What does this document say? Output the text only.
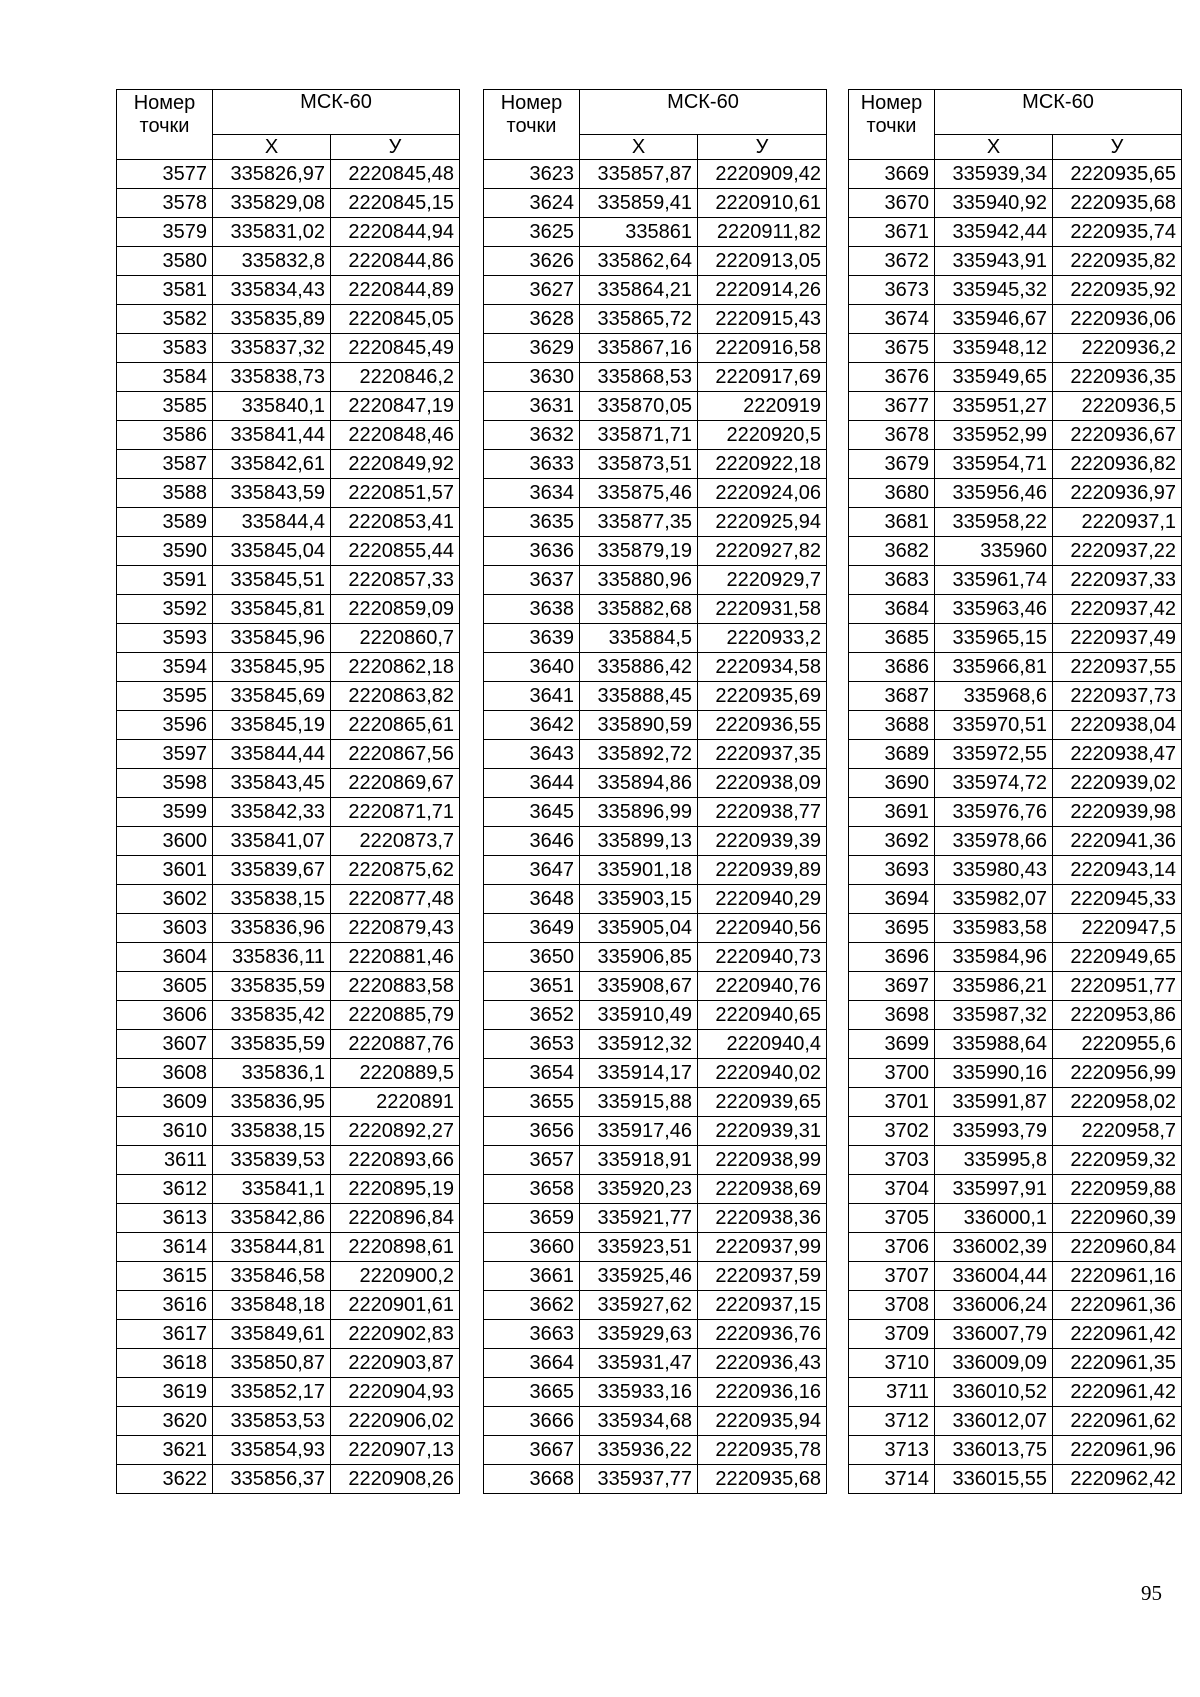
Номер
точки	МСК-60	
	Х	У
3577	335826,97	2220845,48
3578	335829,08	2220845,15
3579	335831,02	2220844,94
3580	335832,8	2220844,86
3581	335834,43	2220844,89
3582	335835,89	2220845,05
3583	335837,32	2220845,49
3584	335838,73	2220846,2
3585	335840,1	2220847,19
3586	335841,44	2220848,46
3587	335842,61	2220849,92
3588	335843,59	2220851,57
3589	335844,4	2220853,41
3590	335845,04	2220855,44
3591	335845,51	2220857,33
3592	335845,81	2220859,09
3593	335845,96	2220860,7
3594	335845,95	2220862,18
3595	335845,69	2220863,82
3596	335845,19	2220865,61
3597	335844,44	2220867,56
3598	335843,45	2220869,67
3599	335842,33	2220871,71
3600	335841,07	2220873,7
3601	335839,67	2220875,62
3602	335838,15	2220877,48
3603	335836,96	2220879,43
3604	335836,11	2220881,46
3605	335835,59	2220883,58
3606	335835,42	2220885,79
3607	335835,59	2220887,76
3608	335836,1	2220889,5
3609	335836,95	2220891
3610	335838,15	2220892,27
3611	335839,53	2220893,66
3612	335841,1	2220895,19
3613	335842,86	2220896,84
3614	335844,81	2220898,61
3615	335846,58	2220900,2
3616	335848,18	2220901,61
3617	335849,61	2220902,83
3618	335850,87	2220903,87
3619	335852,17	2220904,93
3620	335853,53	2220906,02
3621	335854,93	2220907,13
3622	335856,37	2220908,26
Номер
точки	МСК-60	
	Х	У
3623	335857,87	2220909,42
3624	335859,41	2220910,61
3625	335861	2220911,82
3626	335862,64	2220913,05
3627	335864,21	2220914,26
3628	335865,72	2220915,43
3629	335867,16	2220916,58
3630	335868,53	2220917,69
3631	335870,05	2220919
3632	335871,71	2220920,5
3633	335873,51	2220922,18
3634	335875,46	2220924,06
3635	335877,35	2220925,94
3636	335879,19	2220927,82
3637	335880,96	2220929,7
3638	335882,68	2220931,58
3639	335884,5	2220933,2
3640	335886,42	2220934,58
3641	335888,45	2220935,69
3642	335890,59	2220936,55
3643	335892,72	2220937,35
3644	335894,86	2220938,09
3645	335896,99	2220938,77
3646	335899,13	2220939,39
3647	335901,18	2220939,89
3648	335903,15	2220940,29
3649	335905,04	2220940,56
3650	335906,85	2220940,73
3651	335908,67	2220940,76
3652	335910,49	2220940,65
3653	335912,32	2220940,4
3654	335914,17	2220940,02
3655	335915,88	2220939,65
3656	335917,46	2220939,31
3657	335918,91	2220938,99
3658	335920,23	2220938,69
3659	335921,77	2220938,36
3660	335923,51	2220937,99
3661	335925,46	2220937,59
3662	335927,62	2220937,15
3663	335929,63	2220936,76
3664	335931,47	2220936,43
3665	335933,16	2220936,16
3666	335934,68	2220935,94
3667	335936,22	2220935,78
3668	335937,77	2220935,68
Номер
точки	МСК-60	
	Х	У
3669	335939,34	2220935,65
3670	335940,92	2220935,68
3671	335942,44	2220935,74
3672	335943,91	2220935,82
3673	335945,32	2220935,92
3674	335946,67	2220936,06
3675	335948,12	2220936,2
3676	335949,65	2220936,35
3677	335951,27	2220936,5
3678	335952,99	2220936,67
3679	335954,71	2220936,82
3680	335956,46	2220936,97
3681	335958,22	2220937,1
3682	335960	2220937,22
3683	335961,74	2220937,33
3684	335963,46	2220937,42
3685	335965,15	2220937,49
3686	335966,81	2220937,55
3687	335968,6	2220937,73
3688	335970,51	2220938,04
3689	335972,55	2220938,47
3690	335974,72	2220939,02
3691	335976,76	2220939,98
3692	335978,66	2220941,36
3693	335980,43	2220943,14
3694	335982,07	2220945,33
3695	335983,58	2220947,5
3696	335984,96	2220949,65
3697	335986,21	2220951,77
3698	335987,32	2220953,86
3699	335988,64	2220955,6
3700	335990,16	2220956,99
3701	335991,87	2220958,02
3702	335993,79	2220958,7
3703	335995,8	2220959,32
3704	335997,91	2220959,88
3705	336000,1	2220960,39
3706	336002,39	2220960,84
3707	336004,44	2220961,16
3708	336006,24	2220961,36
3709	336007,79	2220961,42
3710	336009,09	2220961,35
3711	336010,52	2220961,42
3712	336012,07	2220961,62
3713	336013,75	2220961,96
3714	336015,55	2220962,42
95
